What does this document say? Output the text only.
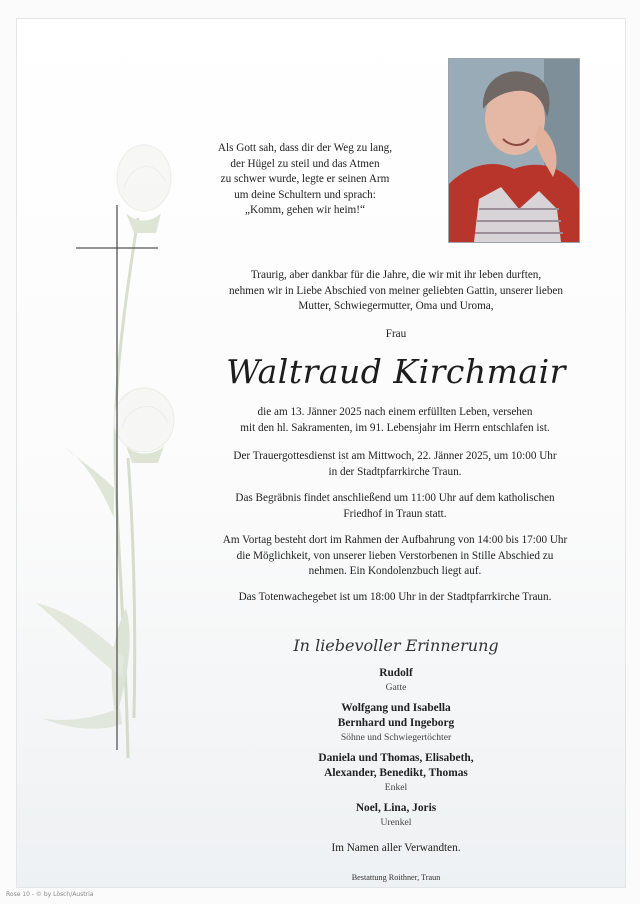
Als Gott sah, dass dir der Weg zu lang,
der Hügel zu steil und das Atmen
zu schwer wurde, legte er seinen Arm
um deine Schultern und sprach:
„Komm, gehen wir heim!“
Traurig, aber dankbar für die Jahre, die wir mit ihr leben durften,
nehmen wir in Liebe Abschied von meiner geliebten Gattin, unserer lieben
Mutter, Schwiegermutter, Oma und Uroma,
Frau
Waltraud Kirchmair
die am 13. Jänner 2025 nach einem erfüllten Leben, versehen
mit den hl. Sakramenten, im 91. Lebensjahr im Herrn entschlafen ist.
Der Trauergottesdienst ist am Mittwoch, 22. Jänner 2025, um 10:00 Uhr
in der Stadtpfarrkirche Traun.
Das Begräbnis findet anschließend um 11:00 Uhr auf dem katholischen
Friedhof in Traun statt.
Am Vortag besteht dort im Rahmen der Aufbahrung von 14:00 bis 17:00 Uhr
die Möglichkeit, von unserer lieben Verstorbenen in Stille Abschied zu
nehmen. Ein Kondolenzbuch liegt auf.
Das Totenwachegebet ist um 18:00 Uhr in der Stadtpfarrkirche Traun.
In liebevoller Erinnerung
Rudolf
Gatte
Wolfgang und Isabella
Bernhard und Ingeborg
Söhne und Schwiegertöchter
Daniela und Thomas, Elisabeth,
Alexander, Benedikt, Thomas
Enkel
Noel, Lina, Joris
Urenkel
Im Namen aller Verwandten.
Bestattung Roithner, Traun
Rose 10 - © by Lösch/Austria
